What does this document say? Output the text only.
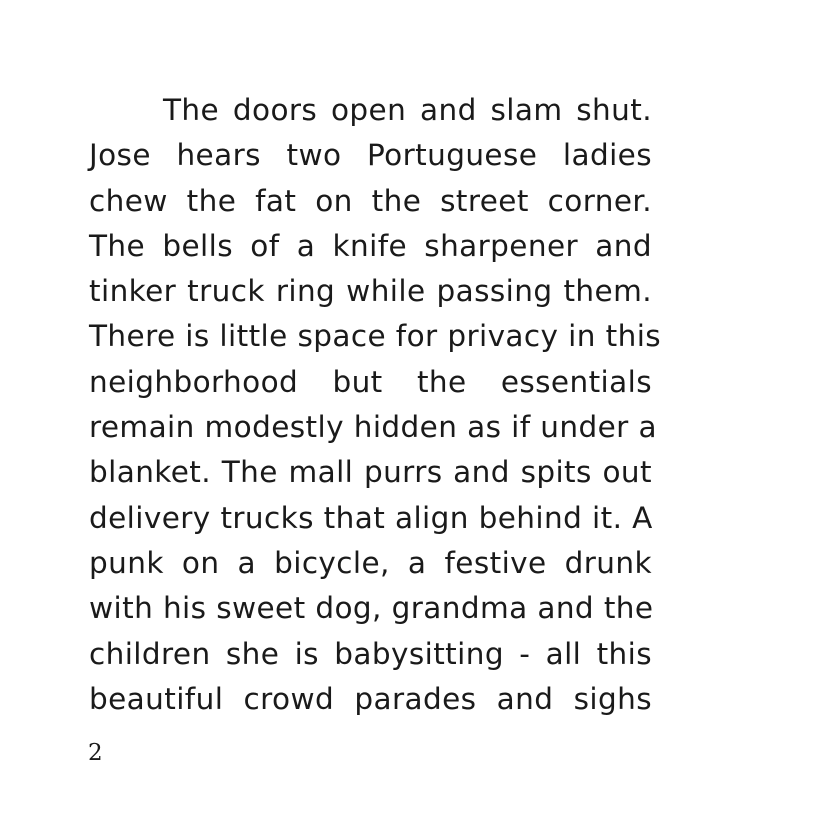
The doors open and slam shut.
Jose hears two Portuguese ladies
chew the fat on the street corner.
The bells of a knife sharpener and
tinker truck ring while passing them.
There is little space for privacy in this
neighborhood but the essentials
remain modestly hidden as if under a
blanket. The mall purrs and spits out
delivery trucks that align behind it. A
punk on a bicycle, a festive drunk
with his sweet dog, grandma and the
children she is babysitting - all this
beautiful crowd parades and sighs
2
